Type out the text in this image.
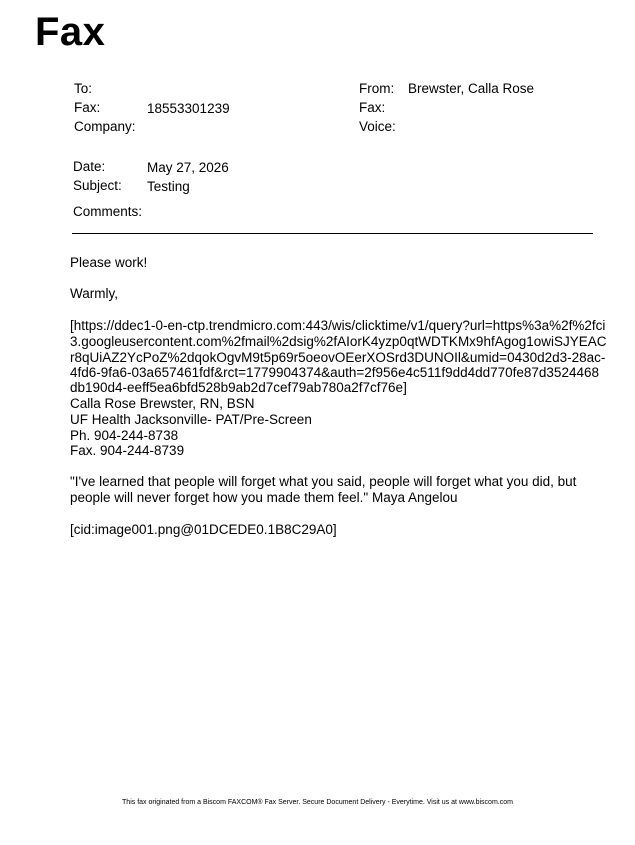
Fax
To:
Fax:	18553301239
Company:
From: Brewster, Calla Rose
Fax:
Voice:
Date:	May 27, 2026
Subject: Testing
Comments:
Please work!
Warmly,
[https://ddec1-0-en-ctp.trendmicro.com:443/wis/clicktime/v1/query?url=https%3a%2f%2fci
3.googleusercontent.com%2fmail%2dsig%2fAIorK4yzp0qtWDTKMx9hfAgog1owiSJYEAC
r8qUiAZ2YcPoZ%2dqokOgvM9t5p69r5oeovOEerXOSrd3DUNOIl&umid=0430d2d3-28ac-
4fd6-9fa6-03a657461fdf&rct=1779904374&auth=2f956e4c511f9dd4dd770fe87d3524468
db190d4-eeff5ea6bfd528b9ab2d7cef79ab780a2f7cf76e]
Calla Rose Brewster, RN, BSN
UF Health Jacksonville- PAT/Pre-Screen
Ph. 904-244-8738
Fax. 904-244-8739
"I've learned that people will forget what you said, people will forget what you did, but
people will never forget how you made them feel." Maya Angelou
[cid:image001.png@01DCEDE0.1B8C29A0]
This fax originated from a Biscom FAXCOM® Fax Server. Secure Document Delivery - Everytime. Visit us at www.biscom.com
